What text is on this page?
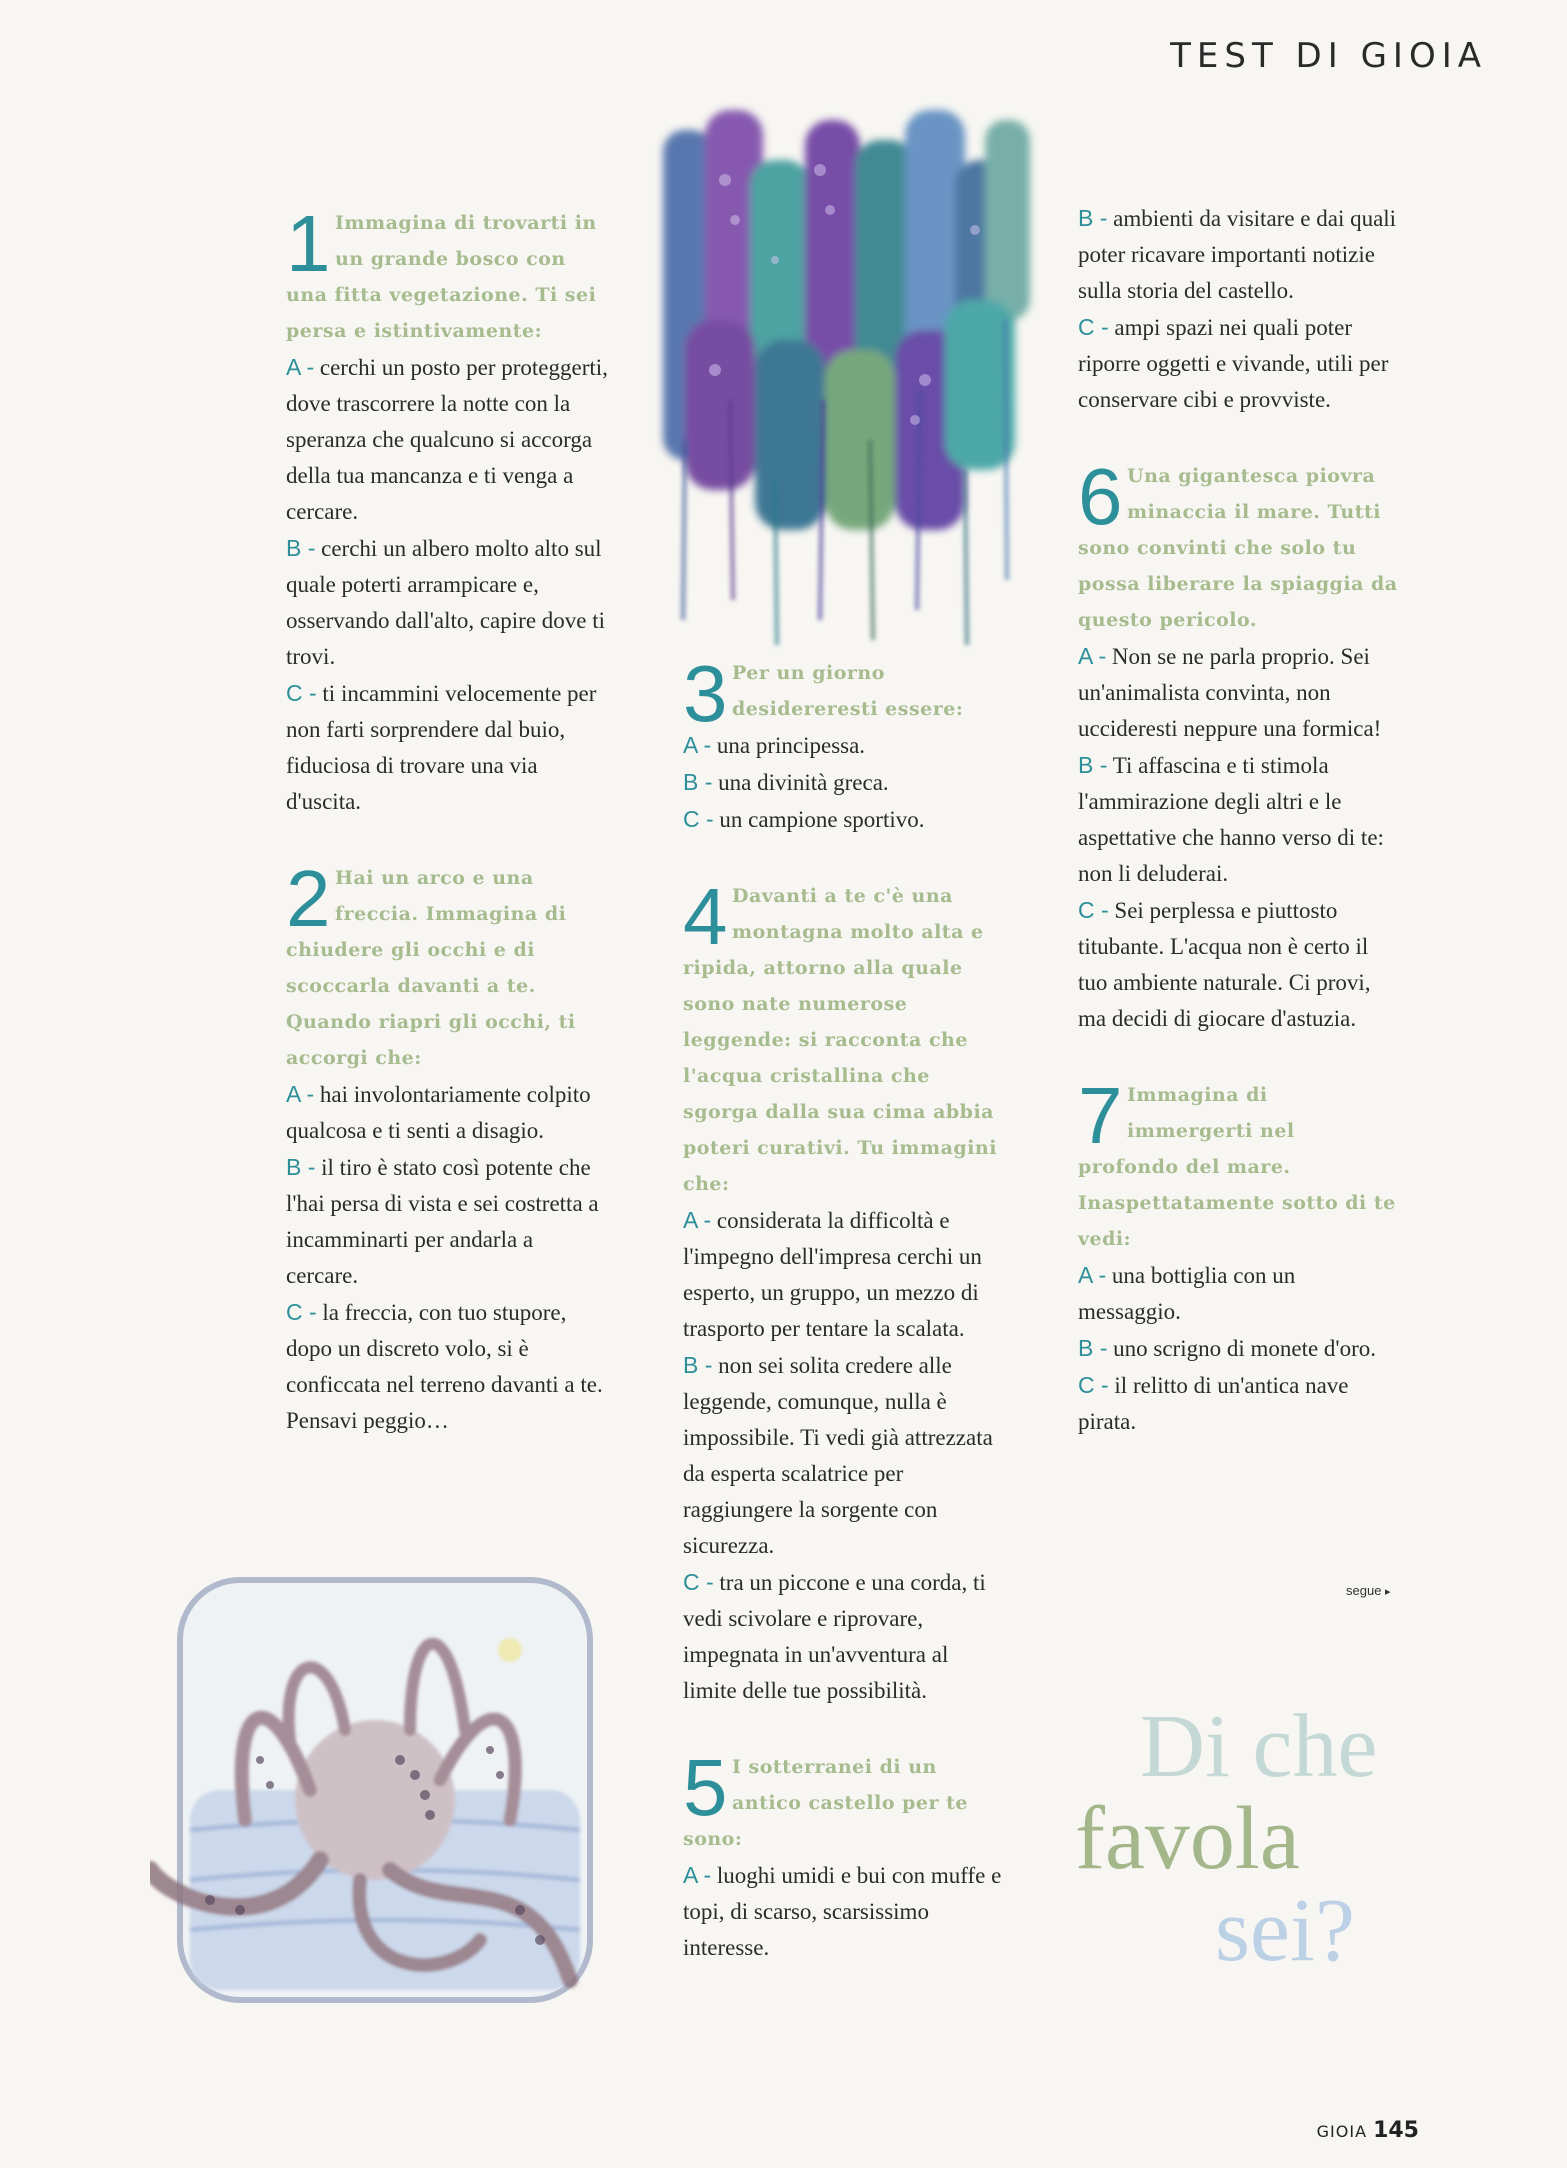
TEST DI GIOIA
1 Immagina di trovarti in un grande bosco con una fitta vegetazione. Ti sei persa e istintivamente:
A - cerchi un posto per proteggerti, dove trascorrere la notte con la speranza che qualcuno si accorga della tua mancanza e ti venga a cercare.
B - cerchi un albero molto alto sul quale poterti arrampicare e, osservando dall'alto, capire dove ti trovi.
C - ti incammini velocemente per non farti sorprendere dal buio, fiduciosa di trovare una via d'uscita.
2 Hai un arco e una freccia. Immagina di chiudere gli occhi e di scoccarla davanti a te. Quando riapri gli occhi, ti accorgi che:
A - hai involontariamente colpito qualcosa e ti senti a disagio.
B - il tiro è stato così potente che l'hai persa di vista e sei costretta a incamminarti per andarla a cercare.
C - la freccia, con tuo stupore, dopo un discreto volo, si è conficcata nel terreno davanti a te. Pensavi peggio…
3 Per un giorno desidereresti essere:
A - una principessa.
B - una divinità greca.
C - un campione sportivo.
4 Davanti a te c'è una montagna molto alta e ripida, attorno alla quale sono nate numerose leggende: si racconta che l'acqua cristallina che sgorga dalla sua cima abbia poteri curativi. Tu immagini che:
A - considerata la difficoltà e l'impegno dell'impresa cerchi un esperto, un gruppo, un mezzo di trasporto per tentare la scalata.
B - non sei solita credere alle leggende, comunque, nulla è impossibile. Ti vedi già attrezzata da esperta scalatrice per raggiungere la sorgente con sicurezza.
C - tra un piccone e una corda, ti vedi scivolare e riprovare, impegnata in un'avventura al limite delle tue possibilità.
5 I sotterranei di un antico castello per te sono:
A - luoghi umidi e bui con muffe e topi, di scarso, scarsissimo interesse.
B - ambienti da visitare e dai quali poter ricavare importanti notizie sulla storia del castello.
C - ampi spazi nei quali poter riporre oggetti e vivande, utili per conservare cibi e provviste.
6 Una gigantesca piovra minaccia il mare. Tutti sono convinti che solo tu possa liberare la spiaggia da questo pericolo.
A - Non se ne parla proprio. Sei un'animalista convinta, non uccideresti neppure una formica!
B - Ti affascina e ti stimola l'ammirazione degli altri e le aspettative che hanno verso di te: non li deluderai.
C - Sei perplessa e piuttosto titubante. L'acqua non è certo il tuo ambiente naturale. Ci provi, ma decidi di giocare d'astuzia.
7 Immagina di immergerti nel profondo del mare. Inaspettatamente sotto di te vedi:
A - una bottiglia con un messaggio.
B - uno scrigno di monete d'oro.
C - il relitto di un'antica nave pirata.
segue ▸
Di che
favola
sei?
GIOIA 145
